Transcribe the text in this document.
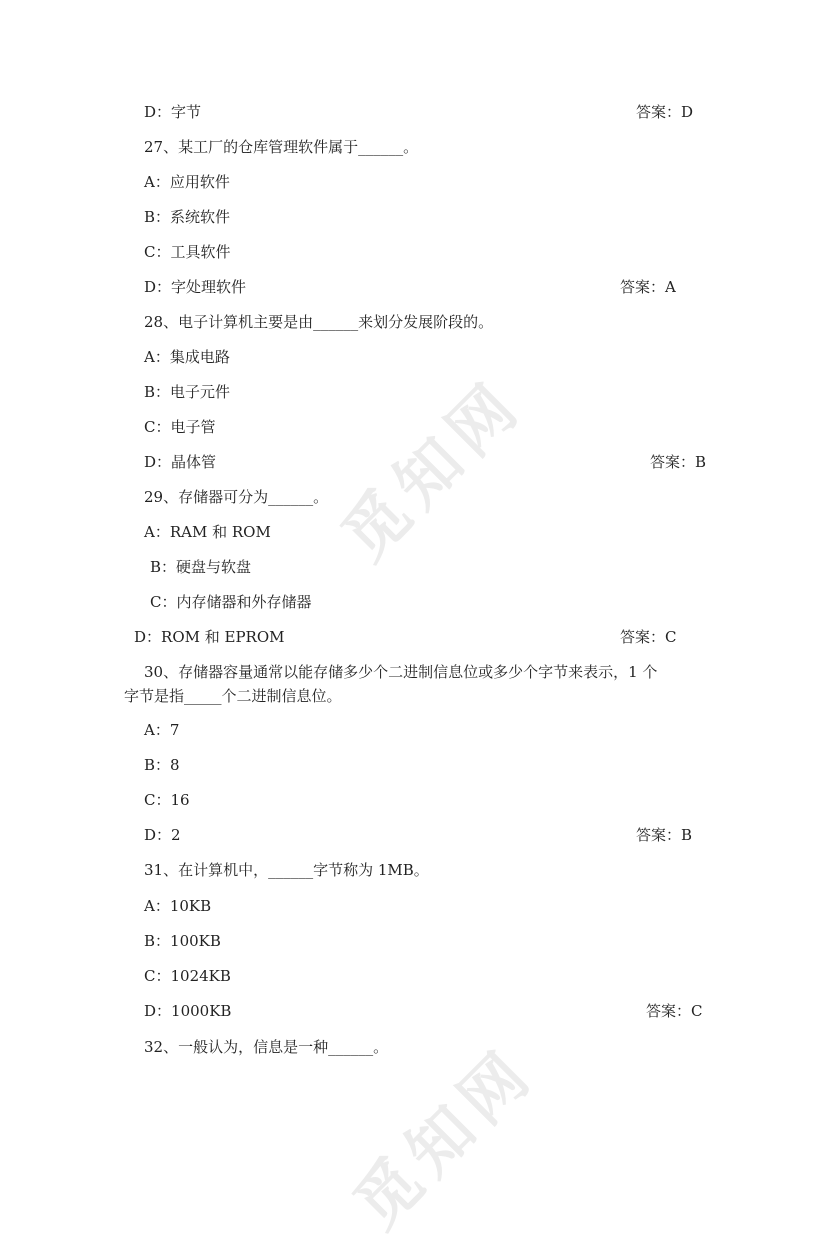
觅知网
觅知网
D：字节	答案：D
27、某工厂的仓库管理软件属于______。
A：应用软件
B：系统软件
C：工具软件
D：字处理软件	答案：A
28、电子计算机主要是由______来划分发展阶段的。
A：集成电路
B：电子元件
C：电子管
D：晶体管	答案：B
29、存储器可分为______。
A：RAM 和 ROM
B：硬盘与软盘
C：内存储器和外存储器
D：ROM 和 EPROM	答案：C
30、存储器容量通常以能存储多少个二进制信息位或多少个字节来表示，1 个
字节是指_____个二进制信息位。
A：7
B：8
C：16
D：2	答案：B
31、在计算机中，______字节称为 1MB。
A：10KB
B：100KB
C：1024KB
D：1000KB	答案：C
32、一般认为，信息是一种______。
